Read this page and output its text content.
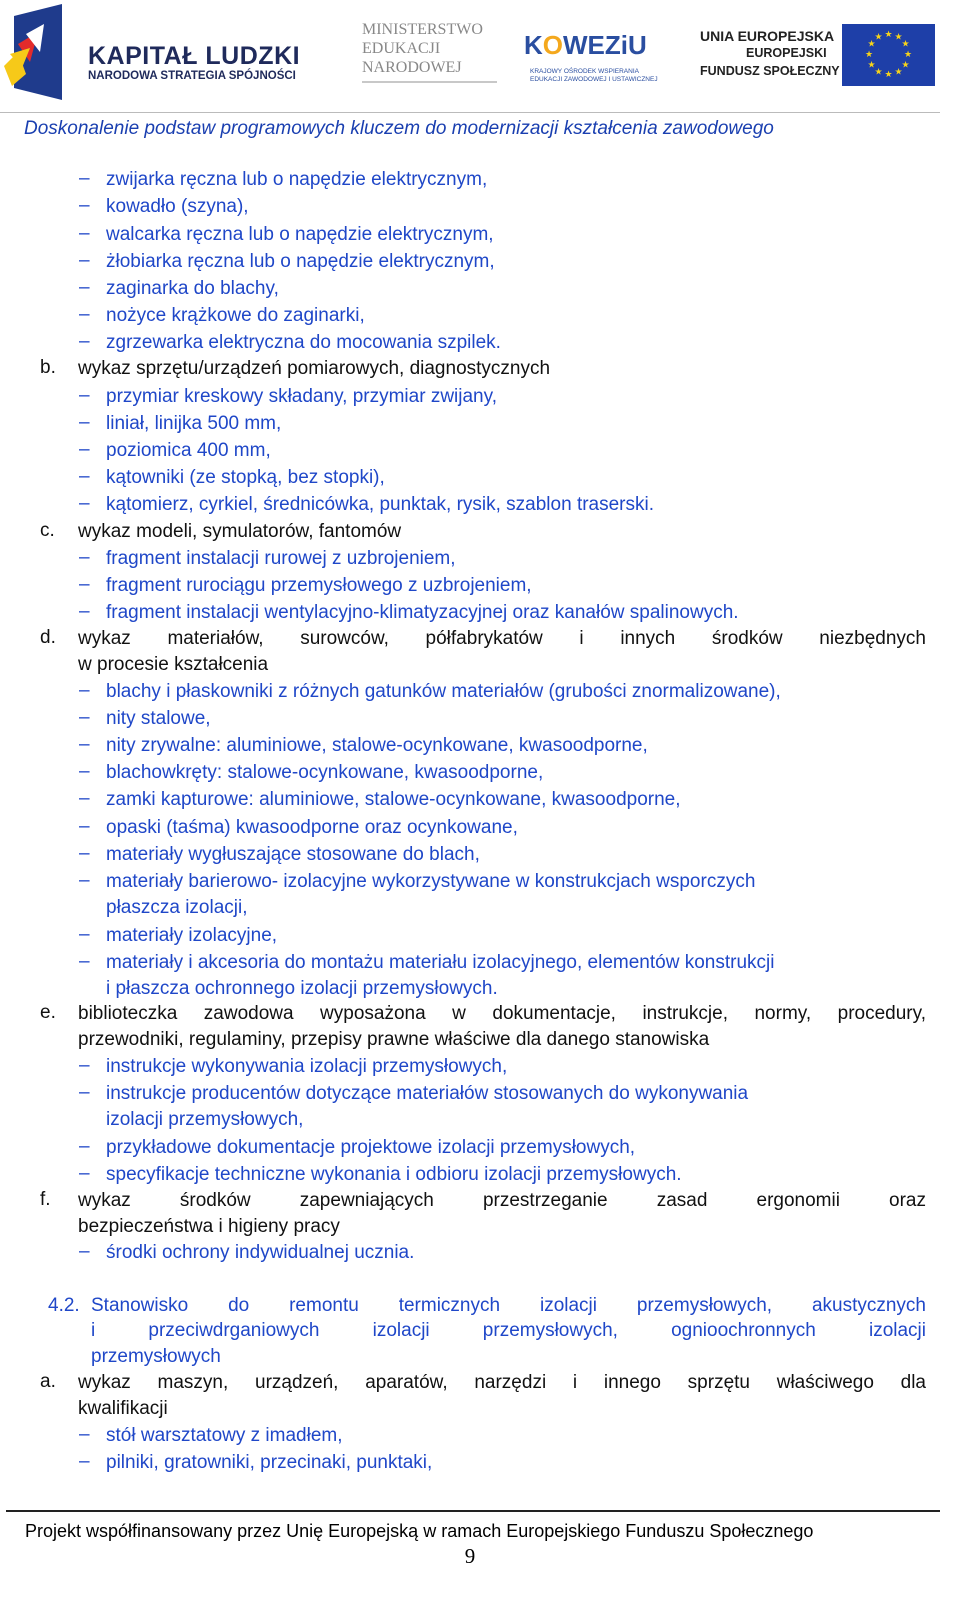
KAPITAŁ LUDZKI
NARODOWA STRATEGIA SPÓJNOŚCI
MINISTERSTWO
EDUKACJI
NARODOWEJ
KOWEZiU
KRAJOWY OŚRODEK WSPIERANIA
EDUKACJI ZAWODOWEJ I USTAWICZNEJ
UNIA EUROPEJSKA
EUROPEJSKI
FUNDUSZ SPOŁECZNY
★ ★
★
★
★
★
★
★
★
★
★
★
Doskonalenie podstaw programowych kluczem do modernizacji kształcenia zawodowego
– zwijarka ręczna lub o napędzie elektrycznym,
– kowadło (szyna),
– walcarka ręczna lub o napędzie elektrycznym,
– żłobiarka ręczna lub o napędzie elektrycznym,
– zaginarka do blachy,
– nożyce krążkowe do zaginarki,
– zgrzewarka elektryczna do mocowania szpilek.
b. wykaz sprzętu/urządzeń pomiarowych, diagnostycznych
– przymiar kreskowy składany, przymiar zwijany,
– liniał, linijka 500 mm,
– poziomica 400 mm,
– kątowniki (ze stopką, bez stopki),
– kątomierz, cyrkiel, średnicówka, punktak, rysik, szablon traserski.
c. wykaz modeli, symulatorów, fantomów
– fragment instalacji rurowej z uzbrojeniem,
– fragment rurociągu przemysłowego z uzbrojeniem,
– fragment instalacji wentylacyjno-klimatyzacyjnej oraz kanałów spalinowych.
d. wykaz materiałów, surowców, półfabrykatów i innych środków niezbędnych
w procesie kształcenia
– blachy i płaskowniki z różnych gatunków materiałów (grubości znormalizowane),
– nity stalowe,
– nity zrywalne: aluminiowe, stalowe-ocynkowane, kwasoodporne,
– blachowkręty: stalowe-ocynkowane, kwasoodporne,
– zamki kapturowe: aluminiowe, stalowe-ocynkowane, kwasoodporne,
– opaski (taśma) kwasoodporne oraz ocynkowane,
– materiały wygłuszające stosowane do blach,
– materiały barierowo- izolacyjne wykorzystywane w konstrukcjach wsporczych
płaszcza izolacji,
– materiały izolacyjne,
– materiały i akcesoria do montażu materiału izolacyjnego, elementów konstrukcji
i płaszcza ochronnego izolacji przemysłowych.
e. biblioteczka zawodowa wyposażona w dokumentacje, instrukcje, normy, procedury,
przewodniki, regulaminy, przepisy prawne właściwe dla danego stanowiska
– instrukcje wykonywania izolacji przemysłowych,
– instrukcje producentów dotyczące materiałów stosowanych do wykonywania
izolacji przemysłowych,
– przykładowe dokumentacje projektowe izolacji przemysłowych,
– specyfikacje techniczne wykonania i odbioru izolacji przemysłowych.
f. wykaz środków zapewniających przestrzeganie zasad ergonomii oraz
bezpieczeństwa i higieny pracy
– środki ochrony indywidualnej ucznia.
4.2. Stanowisko do remontu termicznych izolacji przemysłowych, akustycznych
i przeciwdrganiowych izolacji przemysłowych, ognioochronnych izolacji
przemysłowych
a. wykaz maszyn, urządzeń, aparatów, narzędzi i innego sprzętu właściwego dla
kwalifikacji
– stół warsztatowy z imadłem,
– pilniki, gratowniki, przecinaki, punktaki,
Projekt współfinansowany przez Unię Europejską w ramach Europejskiego Funduszu Społecznego
9
